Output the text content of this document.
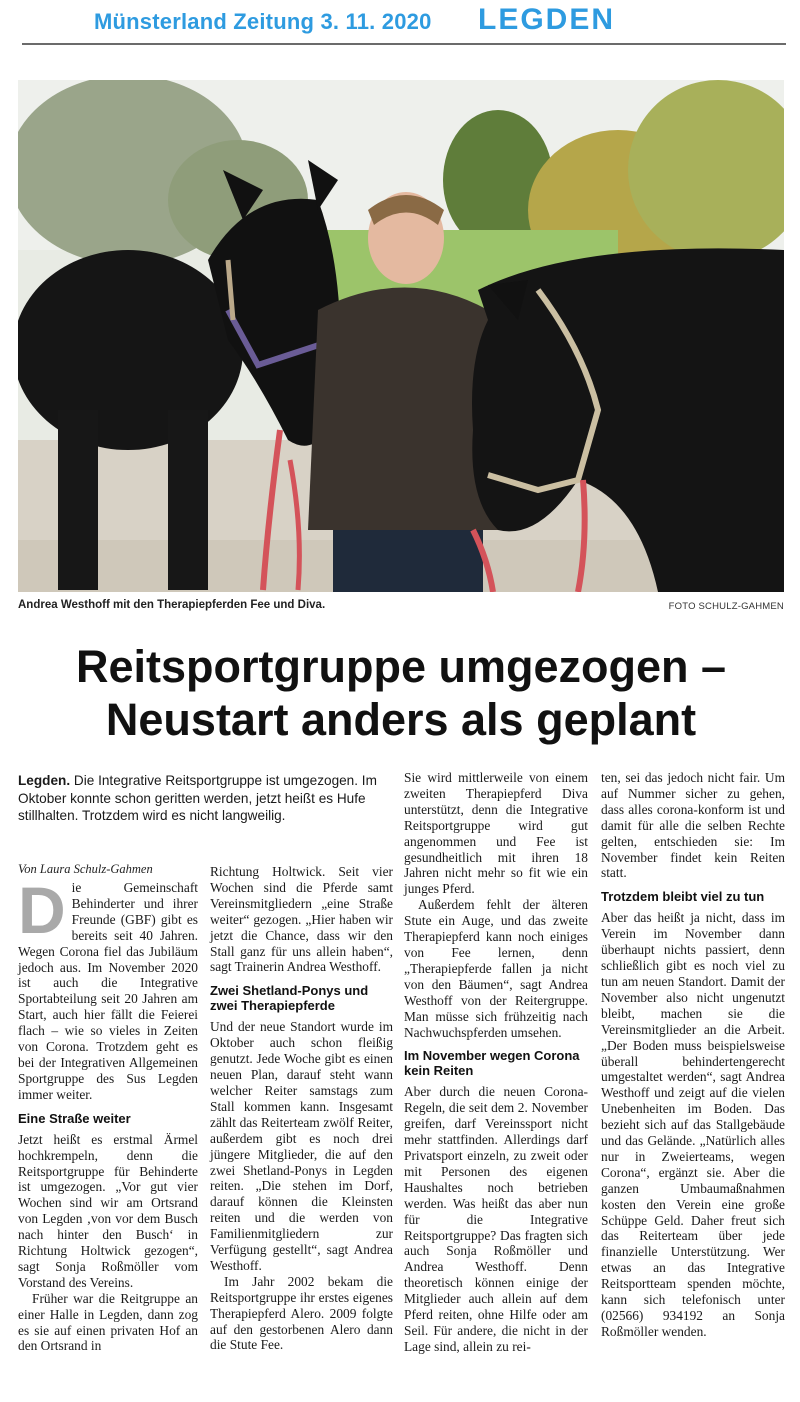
Münsterland Zeitung 3. 11. 2020 LEGDEN
Andrea Westhoff mit den Therapiepferden Fee und Diva.	FOTO SCHULZ-GAHMEN
Reitsportgruppe umgezogen –
Neustart anders als geplant
Legden. Die Integrative Reitsportgruppe ist umgezogen. Im Oktober konnte schon geritten werden, jetzt heißt es Hufe stillhalten. Trotzdem wird es nicht langweilig.
Von Laura Schulz-Gahmen
D ie Gemeinschaft Behinderter und ihrer Freunde (GBF) gibt es bereits seit 40 Jahren. Wegen Corona fiel das Jubiläum jedoch aus. Im November 2020 ist auch die Integrative Sportabteilung seit 20 Jahren am Start, auch hier fällt die Feierei flach – wie so vieles in Zeiten von Corona. Trotzdem geht es bei der Integrativen Allgemeinen Sportgruppe des Sus Legden immer weiter.

Eine Straße weiter

Jetzt heißt es erstmal Ärmel hochkrempeln, denn die Reitsportgruppe für Behinderte ist umgezogen. „Vor gut vier Wochen sind wir am Ortsrand von Legden ‚von vor dem Busch nach hinter den Busch‘ in Richtung Holtwick gezogen“, sagt Sonja Roßmöller vom Vorstand des Vereins.

Früher war die Reitgruppe an einer Halle in Legden, dann zog es sie auf einen privaten Hof an den Ortsrand in

Richtung Holtwick. Seit vier Wochen sind die Pferde samt Vereinsmitgliedern „eine Straße weiter“ gezogen. „Hier haben wir jetzt die Chance, dass wir den Stall ganz für uns allein haben“, sagt Trainerin Andrea Westhoff.

Zwei Shetland-Ponys und zwei Therapiepferde

Und der neue Standort wurde im Oktober auch schon fleißig genutzt. Jede Woche gibt es einen neuen Plan, darauf steht wann welcher Reiter samstags zum Stall kommen kann. Insgesamt zählt das Reiterteam zwölf Reiter, außerdem gibt es noch drei jüngere Mitglieder, die auf den zwei Shetland-Ponys in Legden reiten. „Die stehen im Dorf, darauf können die Kleinsten reiten und die werden von Familienmitgliedern zur Verfügung gestellt“, sagt Andrea Westhoff.

Im Jahr 2002 bekam die Reitsportgruppe ihr erstes eigenes Therapiepferd Alero. 2009 folgte auf den gestorbenen Alero dann die Stute Fee.

Sie wird mittlerweile von einem zweiten Therapiepferd Diva unterstützt, denn die Integrative Reitsportgruppe wird gut angenommen und Fee ist gesundheitlich mit ihren 18 Jahren nicht mehr so fit wie ein junges Pferd.

Außerdem fehlt der älteren Stute ein Auge, und das zweite Therapiepferd kann noch einiges von Fee lernen, denn „Therapiepferde fallen ja nicht von den Bäumen“, sagt Andrea Westhoff von der Reitergruppe. Man müsse sich frühzeitig nach Nachwuchspferden umsehen.

Im November wegen Corona kein Reiten

Aber durch die neuen Corona-Regeln, die seit dem 2. November greifen, darf Vereinssport nicht mehr stattfinden. Allerdings darf Privatsport einzeln, zu zweit oder mit Personen des eigenen Haushaltes noch betrieben werden. Was heißt das aber nun für die Integrative Reitsportgruppe? Das fragten sich auch Sonja Roßmöller und Andrea Westhoff. Denn theoretisch können einige der Mitglieder auch allein auf dem Pferd reiten, ohne Hilfe oder am Seil. Für andere, die nicht in der Lage sind, allein zu rei-

ten, sei das jedoch nicht fair. Um auf Nummer sicher zu gehen, dass alles corona-konform ist und damit für alle die selben Rechte gelten, entschieden sie: Im November findet kein Reiten statt.

Trotzdem bleibt viel zu tun

Aber das heißt ja nicht, dass im Verein im November dann überhaupt nichts passiert, denn schließlich gibt es noch viel zu tun am neuen Standort. Damit der November also nicht ungenutzt bleibt, machen sie die Vereinsmitglieder an die Arbeit. „Der Boden muss beispielsweise überall behindertengerecht umgestaltet werden“, sagt Andrea Westhoff und zeigt auf die vielen Unebenheiten im Boden. Das bezieht sich auf das Stallgebäude und das Gelände. „Natürlich alles nur in Zweierteams, wegen Corona“, ergänzt sie. Aber die ganzen Umbaumaßnahmen kosten den Verein eine große Schüppe Geld. Daher freut sich das Reiterteam über jede finanzielle Unterstützung. Wer etwas an das Integrative Reitsportteam spenden möchte, kann sich telefonisch unter (02566) 934192 an Sonja Roßmöller wenden.
